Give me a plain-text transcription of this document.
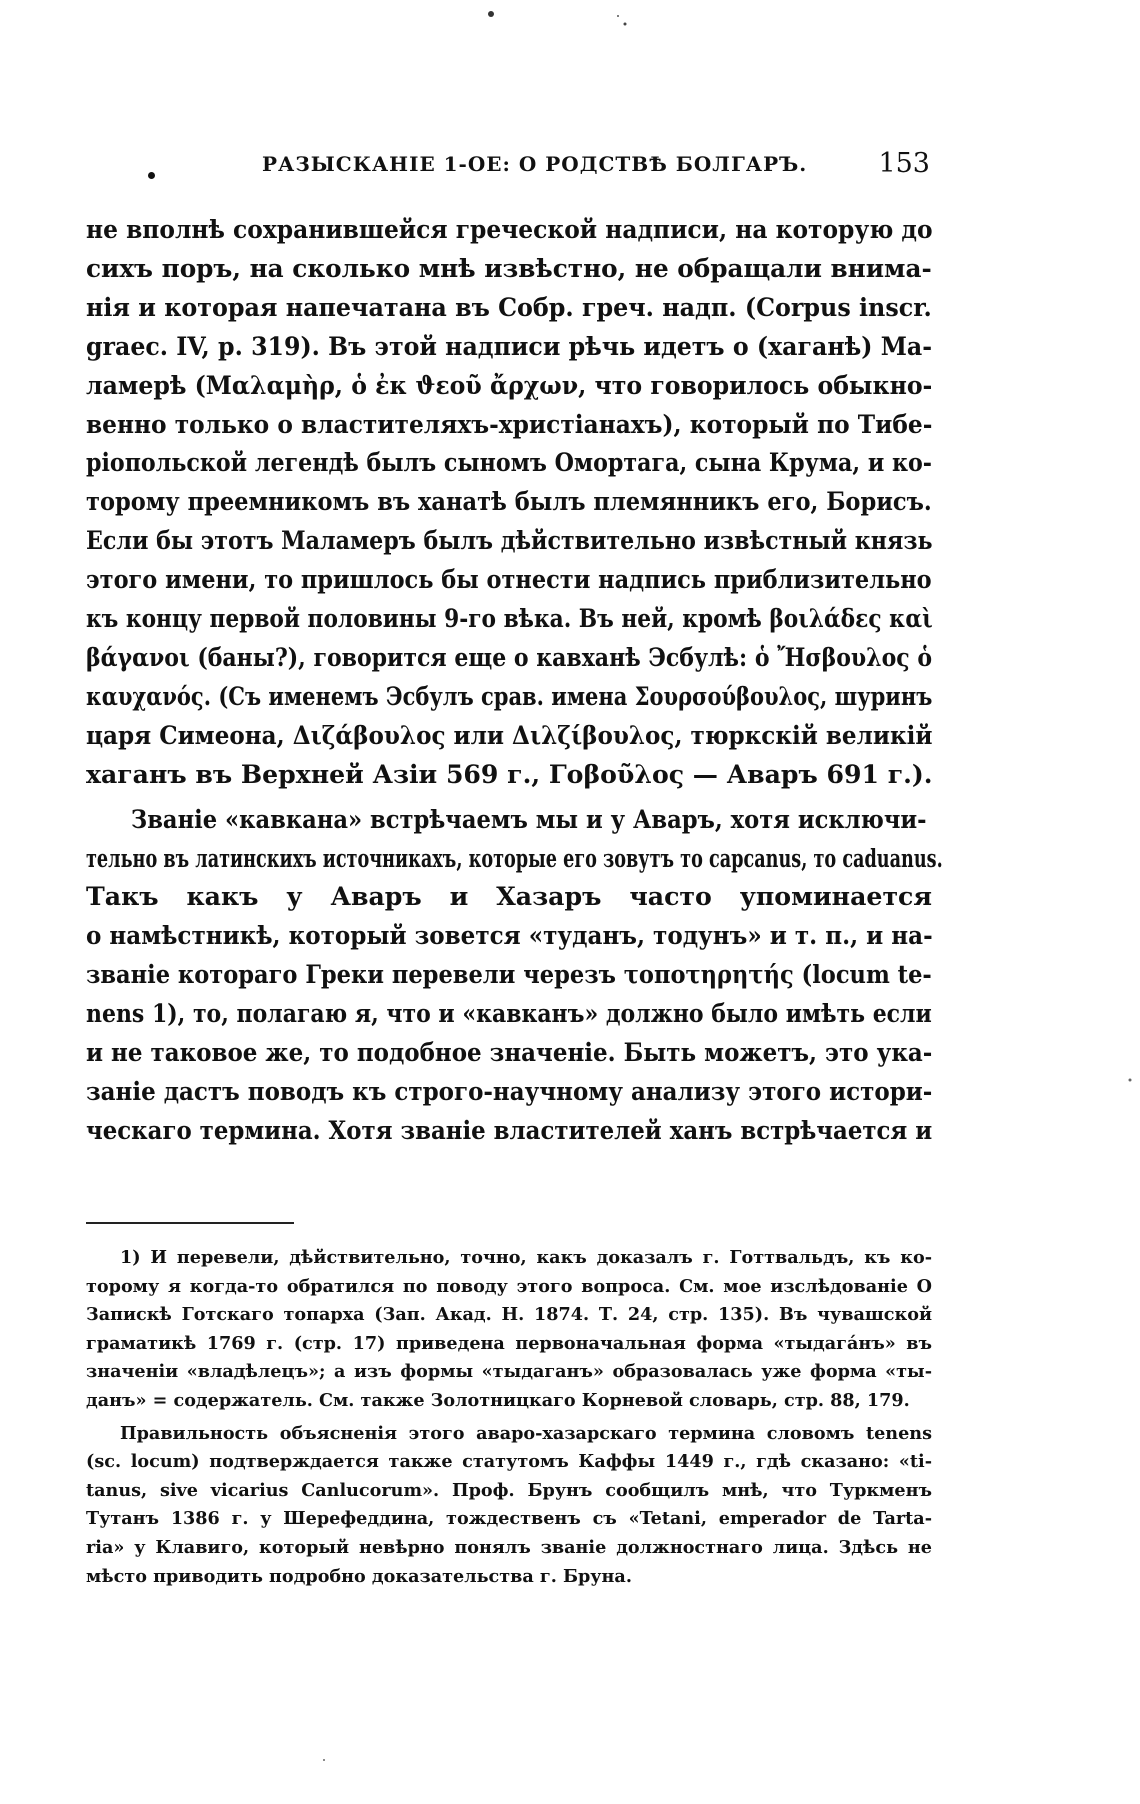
РАЗЫСКАНІЕ 1-ОЕ: О РОДСТВѢ БОЛГАРЪ.	153

не вполнѣ сохранившейся греческой надписи, на которую до
сихъ поръ, на сколько мнѣ извѣстно, не обращали внима-
нія и которая напечатана въ Собр. греч. надп. (Corpus inscr.
graec. IV, p. 319). Въ этой надписи рѣчь идетъ о (хаганѣ) Ма-
ламерѣ (Μαλαμὴρ, ὁ ἐκ ϑεοῦ ἄρχων, что говорилось обыкно-
венно только о властителяхъ-христіанахъ), который по Тибе-
ріопольской легендѣ былъ сыномъ Омортага, сына Крума, и ко-
торому преемникомъ въ ханатѣ былъ племянникъ его, Борисъ.
Если бы этотъ Маламеръ былъ дѣйствительно извѣстный князь
этого имени, то пришлось бы отнести надпись приблизительно
къ концу первой половины 9-го вѣка. Въ ней, кромѣ βοιλάδες καὶ
βάγανοι (баны?), говорится еще о кавханѣ Эсбулѣ: ὁ Ἤσβουλος ὁ
καυχανός. (Съ именемъ Эсбулъ срав. имена Σουρσούβουλος, шуринъ
царя Симеона, Διζάβουλος или Διλζίβουλος, тюркскій великій
хаганъ въ Верхней Азіи 569 г., Γοβοῦλος — Аваръ 691 г.).

Званіе «кавкана» встрѣчаемъ мы и у Аваръ, хотя исключи-
тельно въ латинскихъ источникахъ, которые его зовутъ то capcanus, то caduanus.
Такъ какъ у Аваръ и Хазаръ часто упоминается
о намѣстникѣ, который зовется «туданъ, тодунъ» и т. п., и на-
званіе котораго Греки перевели черезъ τοποτηρητής (locum te-
nens 1), то, полагаю я, что и «кавканъ» должно было имѣть если
и не таковое же, то подобное значеніе. Быть можетъ, это ука-
заніе дастъ поводъ къ строго-научному анализу этого истори-
ческаго термина. Хотя званіе властителей ханъ встрѣчается и

1) И перевели, дѣйствительно, точно, какъ доказалъ г. Готтвальдъ, къ ко-
торому я когда-то обратился по поводу этого вопроса. См. мое изслѣдованіе О
Запискѣ Готскаго топарха (Зап. Акад. Н. 1874. Т. 24, стр. 135). Въ чувашской
граматикѣ 1769 г. (стр. 17) приведена первоначальная форма «тыдагáнъ» въ
значеніи «владѣлецъ»; а изъ формы «тыдаганъ» образовалась уже форма «ты-
данъ» = содержатель. См. также Золотницкаго Корневой словарь, стр. 88, 179.

Правильность объясненія этого аваро-хазарскаго термина словомъ tenens
(sc. locum) подтверждается также статутомъ Каффы 1449 г., гдѣ сказано: «ti-
tanus, sive vicarius Canlucorum». Проф. Брунъ сообщилъ мнѣ, что Туркменъ
Тутанъ 1386 г. у Шерефеддина, тождественъ съ «Tetani, emperador de Tarta-
ria» у Клавиго, который невѣрно понялъ званіе должностнаго лица. Здѣсь не
мѣсто приводить подробно доказательства г. Бруна.
